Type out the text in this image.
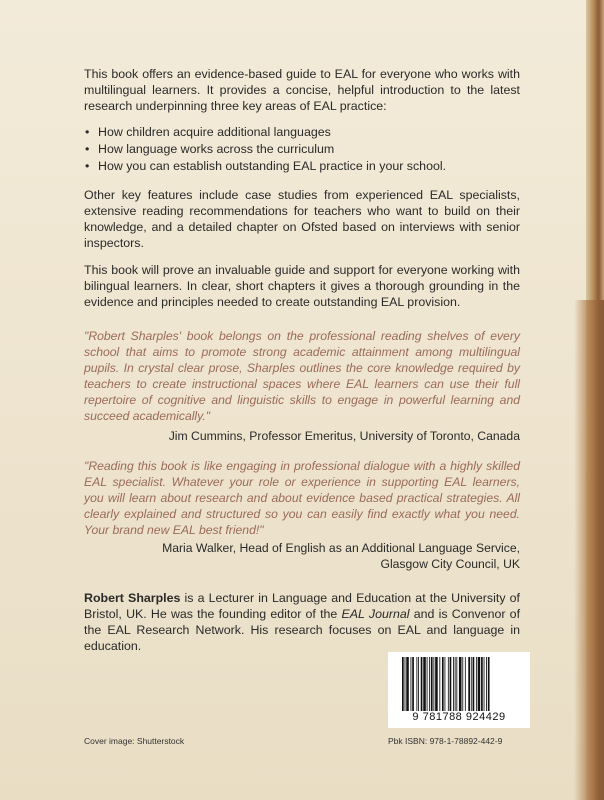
This book offers an evidence-based guide to EAL for everyone who works with multilingual learners. It provides a concise, helpful introduction to the latest research underpinning three key areas of EAL practice:

• How children acquire additional languages
• How language works across the curriculum
• How you can establish outstanding EAL practice in your school.

Other key features include case studies from experienced EAL specialists, extensive reading recommendations for teachers who want to build on their knowledge, and a detailed chapter on Ofsted based on interviews with senior inspectors.

This book will prove an invaluable guide and support for everyone working with bilingual learners. In clear, short chapters it gives a thorough grounding in the evidence and principles needed to create outstanding EAL provision.

"Robert Sharples' book belongs on the professional reading shelves of every school that aims to promote strong academic attainment among multilingual pupils. In crystal clear prose, Sharples outlines the core knowledge required by teachers to create instructional spaces where EAL learners can use their full repertoire of cognitive and linguistic skills to engage in powerful learning and succeed academically."

Jim Cummins, Professor Emeritus, University of Toronto, Canada

"Reading this book is like engaging in professional dialogue with a highly skilled EAL specialist. Whatever your role or experience in supporting EAL learners, you will learn about research and about evidence based practical strategies. All clearly explained and structured so you can easily find exactly what you need. Your brand new EAL best friend!"

Maria Walker, Head of English as an Additional Language Service,
Glasgow City Council, UK

Robert Sharples is a Lecturer in Language and Education at the University of Bristol, UK. He was the founding editor of the EAL Journal and is Convenor of the EAL Research Network. His research focuses on EAL and language in education.

9 781788 924429
Cover image: Shutterstock	Pbk ISBN: 978-1-78892-442-9
